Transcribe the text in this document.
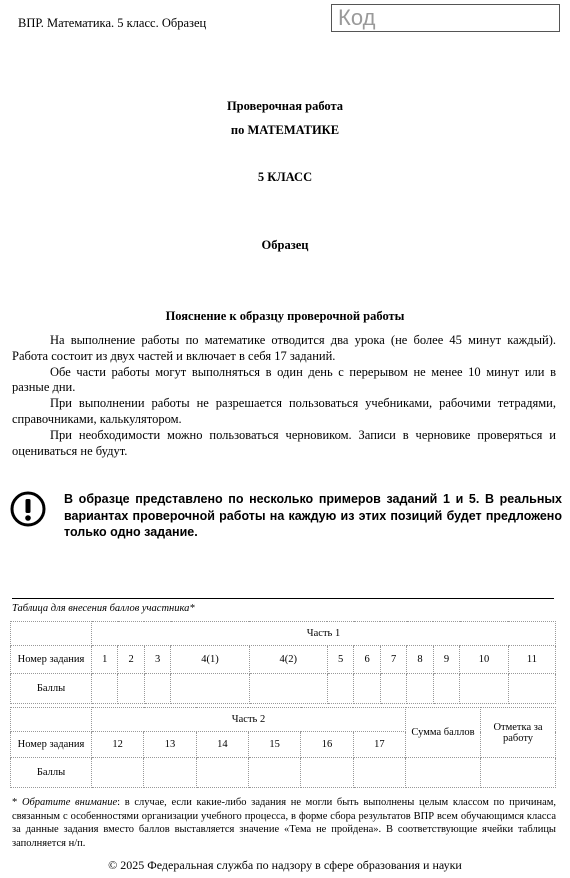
ВПР. Математика. 5 класс. Образец	Код
Проверочная работа
по МАТЕМАТИКЕ
5 КЛАСС
Образец
Пояснение к образцу проверочной работы

На выполнение работы по математике отводится два урока (не более 45 минут каждый). Работа состоит из двух частей и включает в себя 17 заданий.

Обе части работы могут выполняться в один день с перерывом не менее 10 минут или в разные дни.

При выполнении работы не разрешается пользоваться учебниками, рабочими тетрадями, справочниками, калькулятором.

При необходимости можно пользоваться черновиком. Записи в черновике проверяться и оцениваться не будут.

В образце представлено по несколько примеров заданий 1 и 5. В реальных вариантах проверочной работы на каждую из этих позиций будет предложено только одно задание.
Таблица для внесения баллов участника*
	Часть 1											
Номер задания	1	2	3	4(1)	4(2)	5	6	7	8	9	10	11
Баллы												
	Часть 2						Сумма баллов	Отметка за работу
Номер задания	12	13	14	15	16	17		
Баллы								
* Обратите внимание: в случае, если какие-либо задания не могли быть выполнены целым классом по причинам, связанным с особенностями организации учебного процесса, в форме сбора результатов ВПР всем обучающимся класса за данные задания вместо баллов выставляется значение «Тема не пройдена». В соответствующие ячейки таблицы заполняется н/п.
© 2025 Федеральная служба по надзору в сфере образования и науки
